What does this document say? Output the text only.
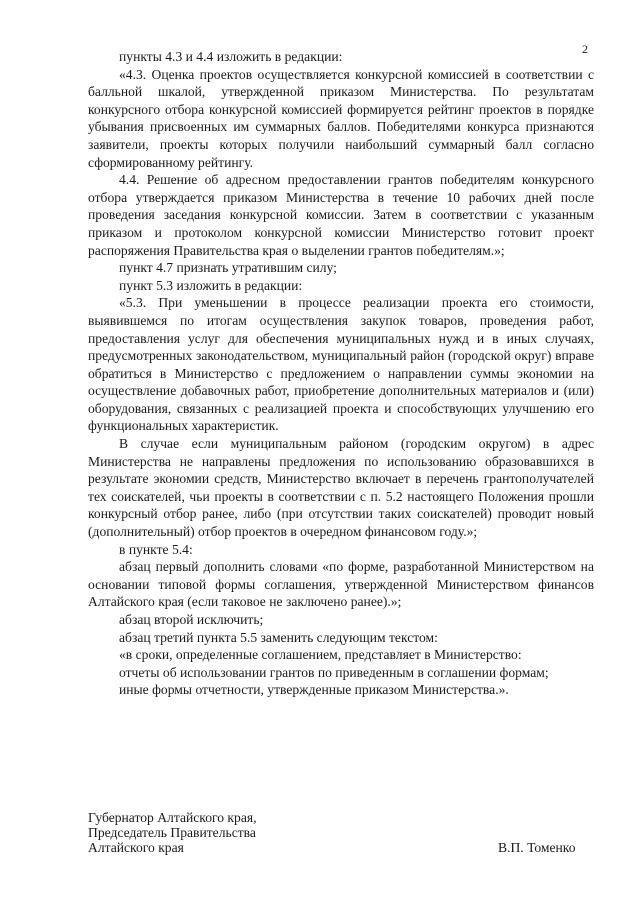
2

пункты 4.3 и 4.4 изложить в редакции:

«4.3. Оценка проектов осуществляется конкурсной комиссией в соответствии с балльной шкалой, утвержденной приказом Министерства. По результатам конкурсного отбора конкурсной комиссией формируется рейтинг проектов в порядке убывания присвоенных им суммарных баллов. Победителями конкурса признаются заявители, проекты которых получили наибольший суммарный балл согласно сформированному рейтингу.

4.4. Решение об адресном предоставлении грантов победителям конкурсного отбора утверждается приказом Министерства в течение 10 рабочих дней после проведения заседания конкурсной комиссии. Затем в соответствии с указанным приказом и протоколом конкурсной комиссии Министерство готовит проект распоряжения Правительства края о выделении грантов победителям.»;

пункт 4.7 признать утратившим силу;

пункт 5.3 изложить в редакции:

«5.3. При уменьшении в процессе реализации проекта его стоимости, выявившемся по итогам осуществления закупок товаров, проведения работ, предоставления услуг для обеспечения муниципальных нужд и в иных случаях, предусмотренных законодательством, муниципальный район (городской округ) вправе обратиться в Министерство с предложением о направлении суммы экономии на осуществление добавочных работ, приобретение дополнительных материалов и (или) оборудования, связанных с реализацией проекта и способствующих улучшению его функциональных характеристик.

В случае если муниципальным районом (городским округом) в адрес Министерства не направлены предложения по использованию образовавшихся в результате экономии средств, Министерство включает в перечень грантополучателей тех соискателей, чьи проекты в соответствии с п. 5.2 настоящего Положения прошли конкурсный отбор ранее, либо (при отсутствии таких соискателей) проводит новый (дополнительный) отбор проектов в очередном финансовом году.»;

в пункте 5.4:

абзац первый дополнить словами «по форме, разработанной Министерством на основании типовой формы соглашения, утвержденной Министерством финансов Алтайского края (если таковое не заключено ранее).»;

абзац второй исключить;

абзац третий пункта 5.5 заменить следующим текстом:

«в сроки, определенные соглашением, представляет в Министерство:

отчеты об использовании грантов по приведенным в соглашении формам;

иные формы отчетности, утвержденные приказом Министерства.».

Губернатор Алтайского края,
Председатель Правительства
Алтайского края	В.П. Томенко
